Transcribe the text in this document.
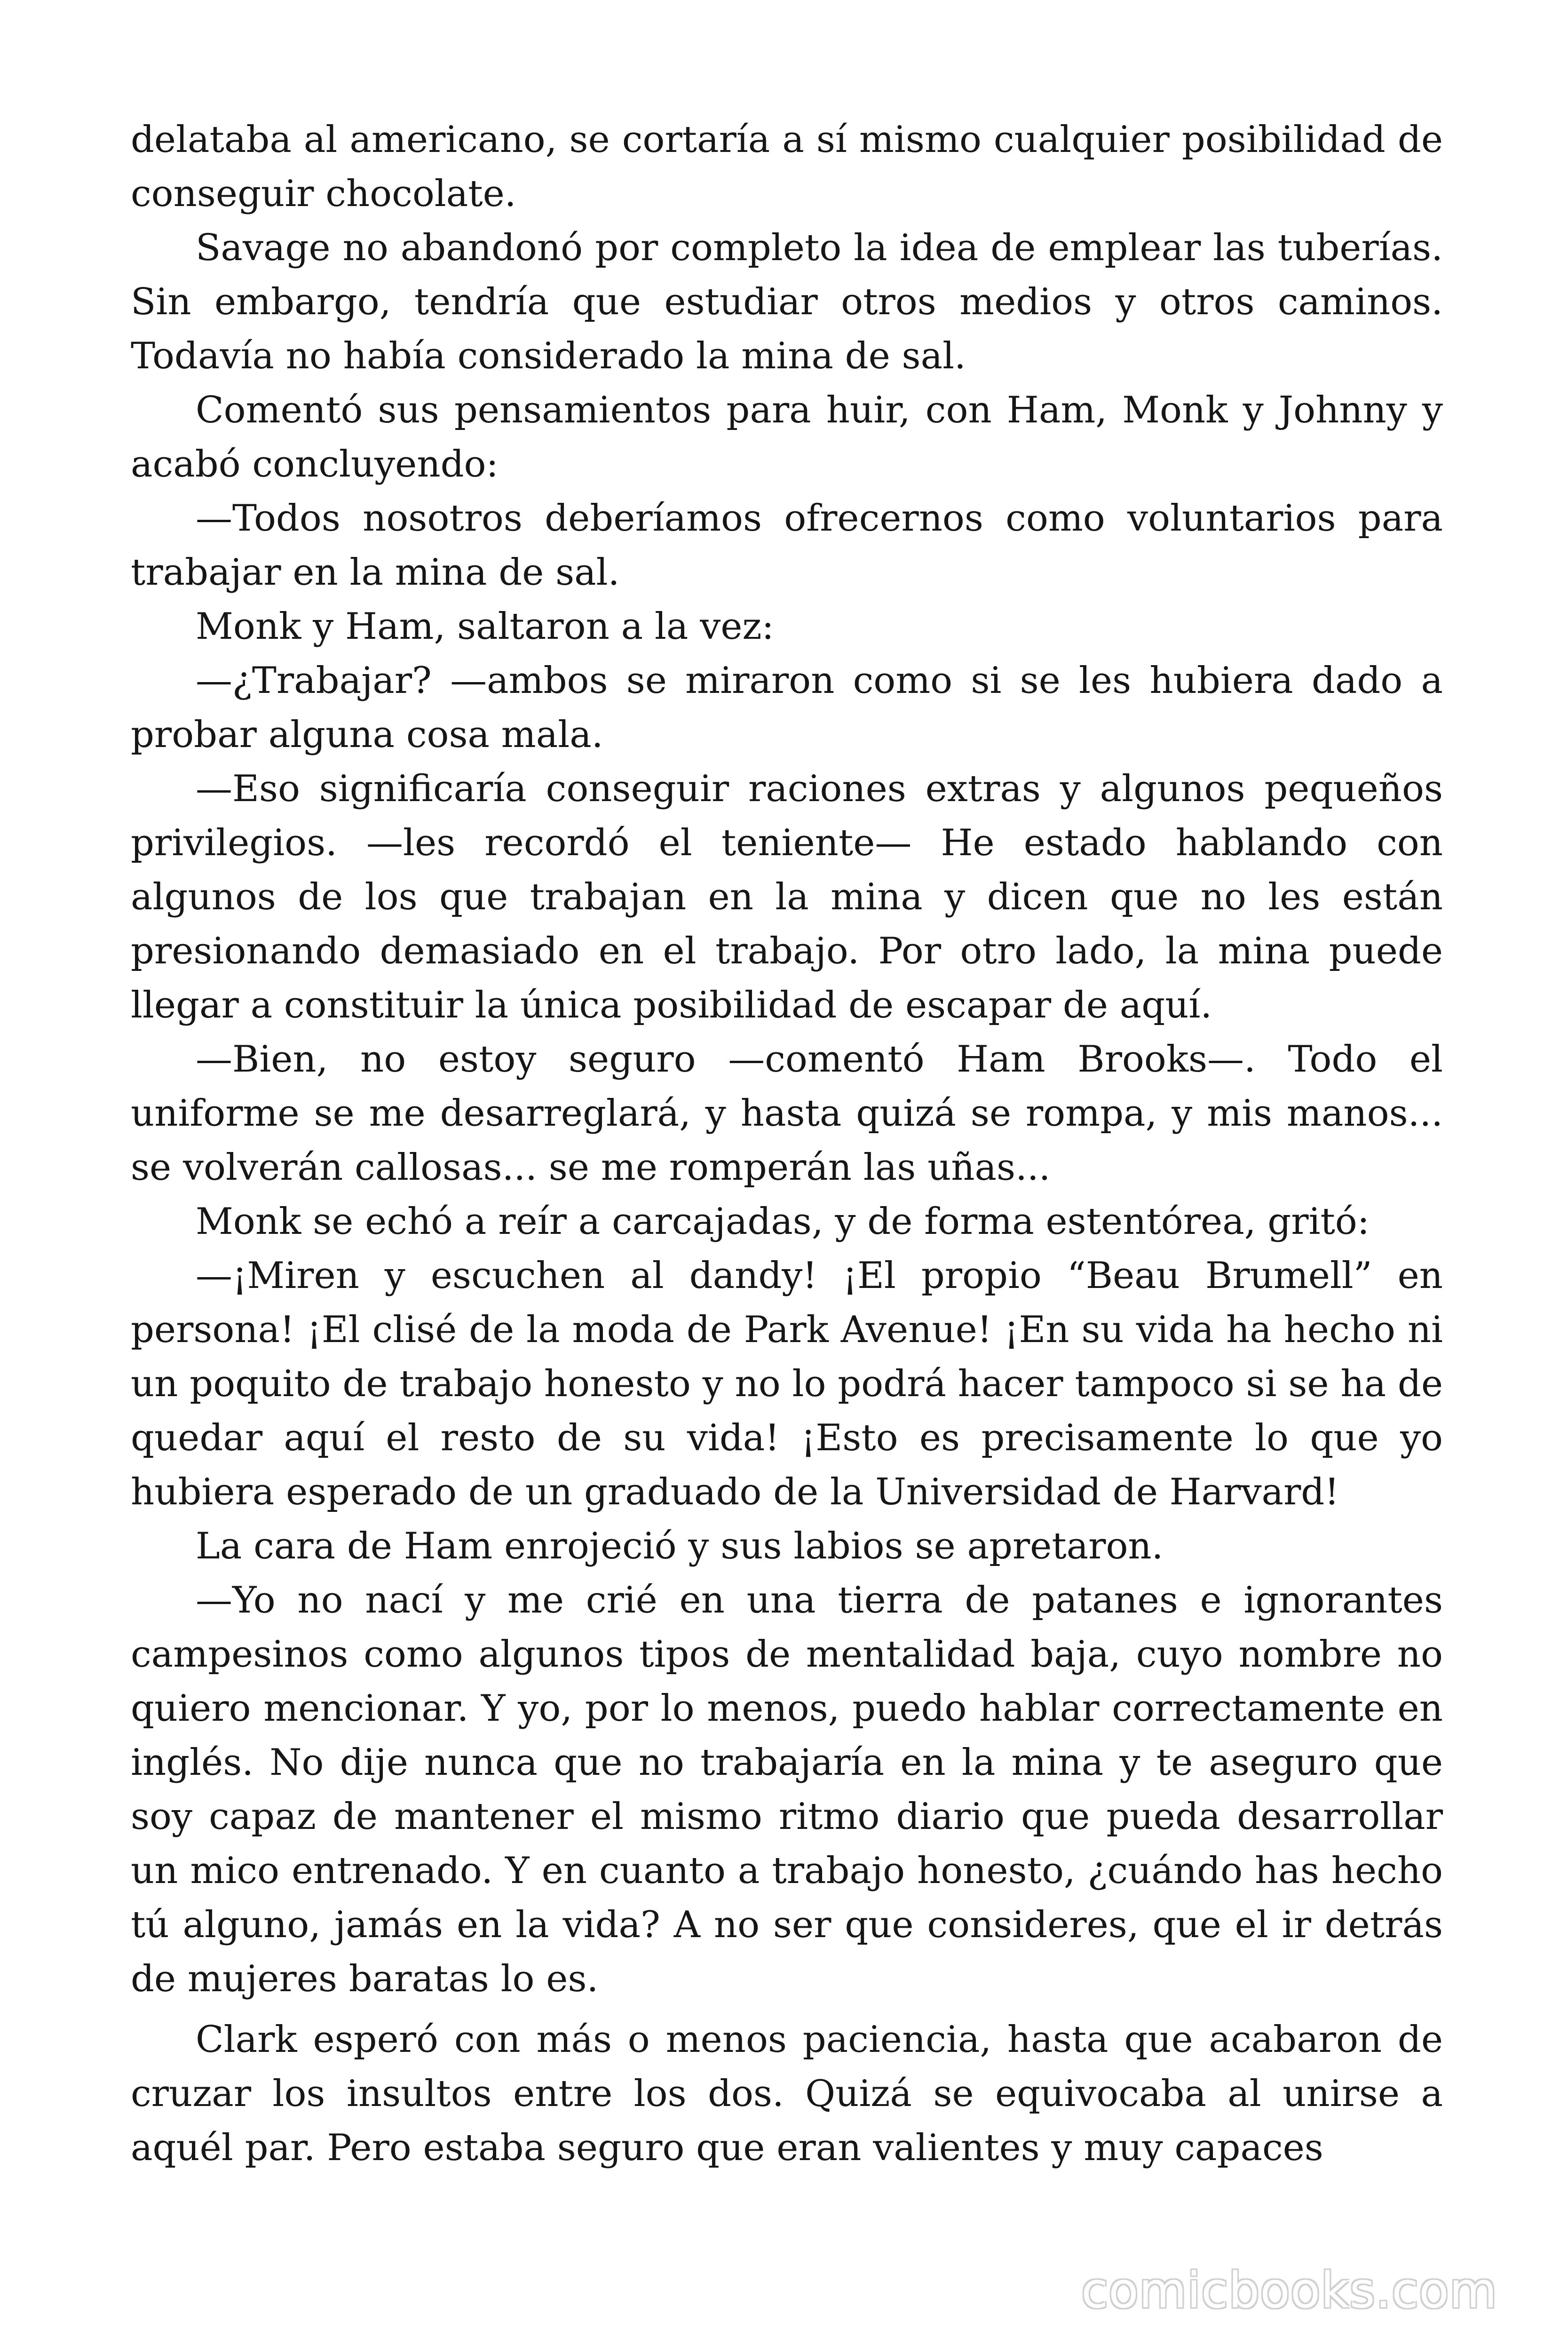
delataba al americano, se cortaría a sí mismo cualquier posibilidad de conseguir chocolate.

Savage no abandonó por completo la idea de emplear las tuberías. Sin embargo, tendría que estudiar otros medios y otros caminos. Todavía no había considerado la mina de sal.

Comentó sus pensamientos para huir, con Ham, Monk y Johnny y acabó concluyendo:

—Todos nosotros deberíamos ofrecernos como voluntarios para trabajar en la mina de sal.

Monk y Ham, saltaron a la vez:

—¿Trabajar? —ambos se miraron como si se les hubiera dado a probar alguna cosa mala.

—Eso significaría conseguir raciones extras y algunos pequeños privilegios. —les recordó el teniente— He estado hablando con algunos de los que trabajan en la mina y dicen que no les están presionando demasiado en el trabajo. Por otro lado, la mina puede llegar a constituir la única posibilidad de escapar de aquí.

—Bien, no estoy seguro —comentó Ham Brooks—. Todo el uniforme se me desarreglará, y hasta quizá se rompa, y mis manos... se volverán callosas... se me romperán las uñas...

Monk se echó a reír a carcajadas, y de forma estentórea, gritó:

—¡Miren y escuchen al dandy! ¡El propio “Beau Brumell” en persona! ¡El clisé de la moda de Park Avenue! ¡En su vida ha hecho ni un poquito de trabajo honesto y no lo podrá hacer tampoco si se ha de quedar aquí el resto de su vida! ¡Esto es precisamente lo que yo hubiera esperado de un graduado de la Universidad de Harvard!

La cara de Ham enrojeció y sus labios se apretaron.

—Yo no nací y me crié en una tierra de patanes e ignorantes campesinos como algunos tipos de mentalidad baja, cuyo nombre no quiero mencionar. Y yo, por lo menos, puedo hablar correctamente en inglés. No dije nunca que no trabajaría en la mina y te aseguro que soy capaz de mantener el mismo ritmo diario que pueda desarrollar un mico entrenado. Y en cuanto a trabajo honesto, ¿cuándo has hecho tú alguno, jamás en la vida? A no ser que consideres, que el ir detrás de mujeres baratas lo es.

Clark esperó con más o menos paciencia, hasta que acabaron de cruzar los insultos entre los dos. Quizá se equivocaba al unirse a aquél par. Pero estaba seguro que eran valientes y muy capaces

comicbooks.com
